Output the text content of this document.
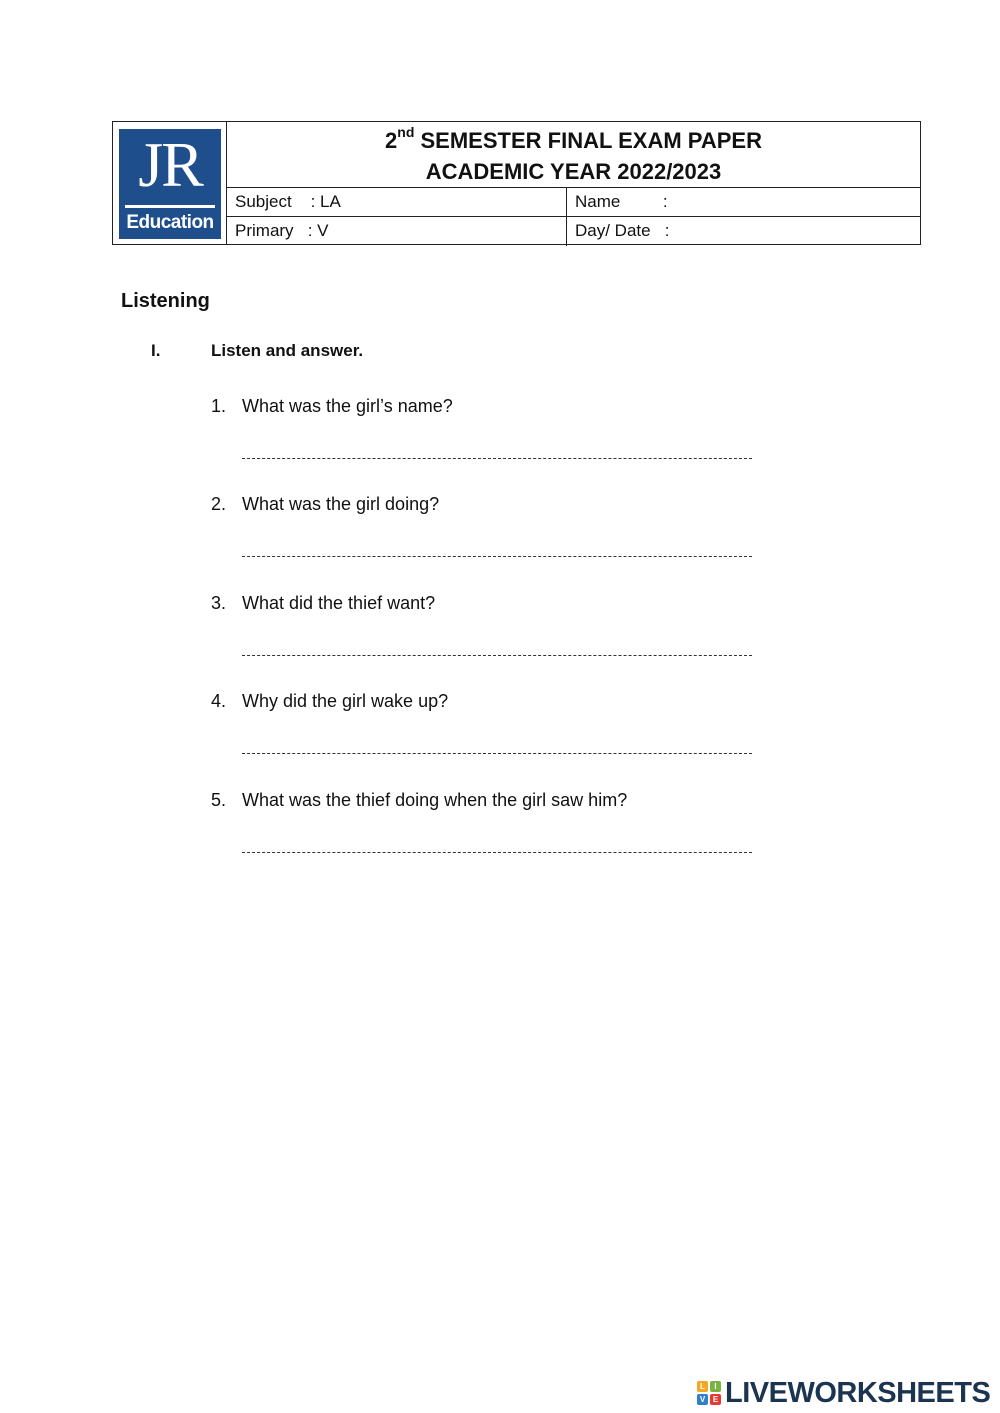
JR
Education
2nd SEMESTER FINAL EXAM PAPER
ACADEMIC YEAR 2022/2023
Subject    : LA	Name         :
Primary   : V	Day/ Date   :
Listening
I.	Listen and answer.
1. What was the girl’s name?
2. What was the girl doing?
3. What did the thief want?
4. Why did the girl wake up?
5. What was the thief doing when the girl saw him?
L	I
V E LIVEWORKSHEETS
